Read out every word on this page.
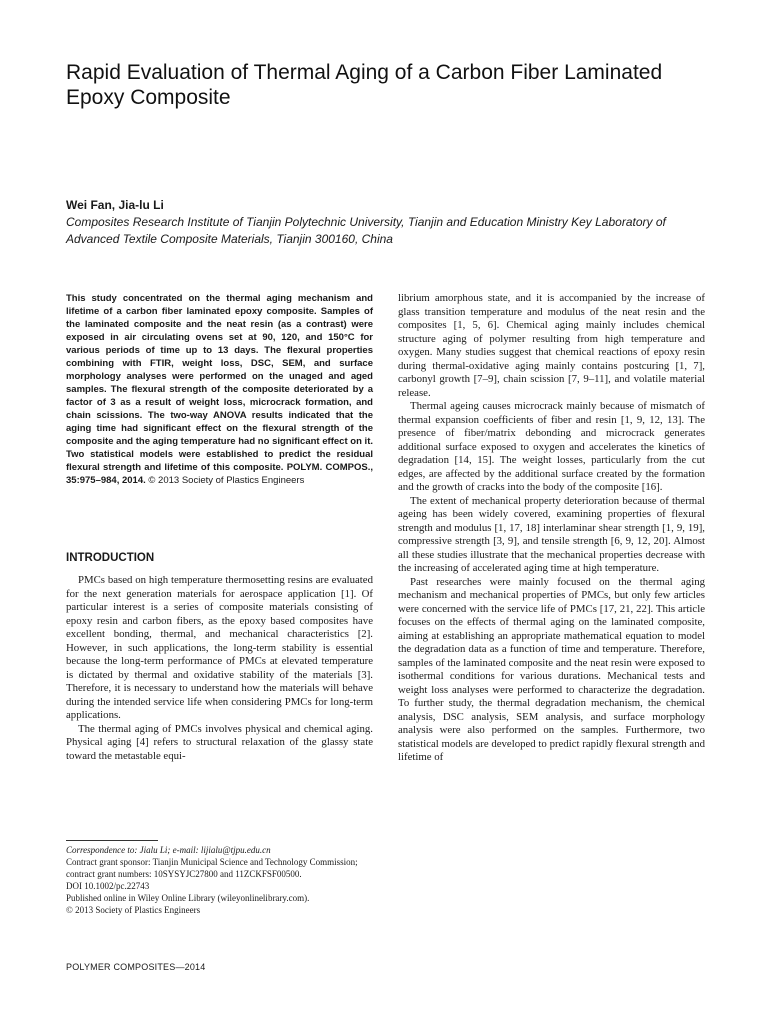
Rapid Evaluation of Thermal Aging of a Carbon Fiber Laminated Epoxy Composite
Wei Fan, Jia-lu Li
Composites Research Institute of Tianjin Polytechnic University, Tianjin and Education Ministry Key Laboratory of Advanced Textile Composite Materials, Tianjin 300160, China

This study concentrated on the thermal aging mechanism and lifetime of a carbon fiber laminated epoxy composite. Samples of the laminated composite and the neat resin (as a contrast) were exposed in air circulating ovens set at 90, 120, and 150°C for various periods of time up to 13 days. The flexural properties combining with FTIR, weight loss, DSC, SEM, and surface morphology analyses were performed on the unaged and aged samples. The flexural strength of the composite deteriorated by a factor of 3 as a result of weight loss, microcrack formation, and chain scissions. The two-way ANOVA results indicated that the aging time had significant effect on the flexural strength of the composite and the aging temperature had no significant effect on it. Two statistical models were established to predict the residual flexural strength and lifetime of this composite. POLYM. COMPOS., 35:975–984, 2014. © 2013 Society of Plastics Engineers

INTRODUCTION

PMCs based on high temperature thermosetting resins are evaluated for the next generation materials for aerospace application [1]. Of particular interest is a series of composite materials consisting of epoxy resin and carbon fibers, as the epoxy based composites have excellent bonding, thermal, and mechanical characteristics [2]. However, in such applications, the long-term stability is essential because the long-term performance of PMCs at elevated temperature is dictated by thermal and oxidative stability of the materials [3]. Therefore, it is necessary to understand how the materials will behave during the intended service life when considering PMCs for long-term applications.

The thermal aging of PMCs involves physical and chemical aging. Physical aging [4] refers to structural relaxation of the glassy state toward the metastable equi-

Correspondence to: Jialu Li; e-mail: lijialu@tjpu.edu.cn
Contract grant sponsor: Tianjin Municipal Science and Technology Commission; contract grant numbers: 10SYSYJC27800 and 11ZCKFSF00500.
DOI 10.1002/pc.22743
Published online in Wiley Online Library (wileyonlinelibrary.com).
© 2013 Society of Plastics Engineers

librium amorphous state, and it is accompanied by the increase of glass transition temperature and modulus of the neat resin and the composites [1, 5, 6]. Chemical aging mainly includes chemical structure aging of polymer resulting from high temperature and oxygen. Many studies suggest that chemical reactions of epoxy resin during thermal-oxidative aging mainly contains postcuring [1, 7], carbonyl growth [7–9], chain scission [7, 9–11], and volatile material release.

Thermal ageing causes microcrack mainly because of mismatch of thermal expansion coefficients of fiber and resin [1, 9, 12, 13]. The presence of fiber/matrix debonding and microcrack generates additional surface exposed to oxygen and accelerates the kinetics of degradation [14, 15]. The weight losses, particularly from the cut edges, are affected by the additional surface created by the formation and the growth of cracks into the body of the composite [16].

The extent of mechanical property deterioration because of thermal ageing has been widely covered, examining properties of flexural strength and modulus [1, 17, 18] interlaminar shear strength [1, 9, 19], compressive strength [3, 9], and tensile strength [6, 9, 12, 20]. Almost all these studies illustrate that the mechanical properties decrease with the increasing of accelerated aging time at high temperature.

Past researches were mainly focused on the thermal aging mechanism and mechanical properties of PMCs, but only few articles were concerned with the service life of PMCs [17, 21, 22]. This article focuses on the effects of thermal aging on the laminated composite, aiming at establishing an appropriate mathematical equation to model the degradation data as a function of time and temperature. Therefore, samples of the laminated composite and the neat resin were exposed to isothermal conditions for various durations. Mechanical tests and weight loss analyses were performed to characterize the degradation. To further study, the thermal degradation mechanism, the chemical analysis, DSC analysis, SEM analysis, and surface morphology analysis were also performed on the samples. Furthermore, two statistical models are developed to predict rapidly flexural strength and lifetime of

POLYMER COMPOSITES—2014
